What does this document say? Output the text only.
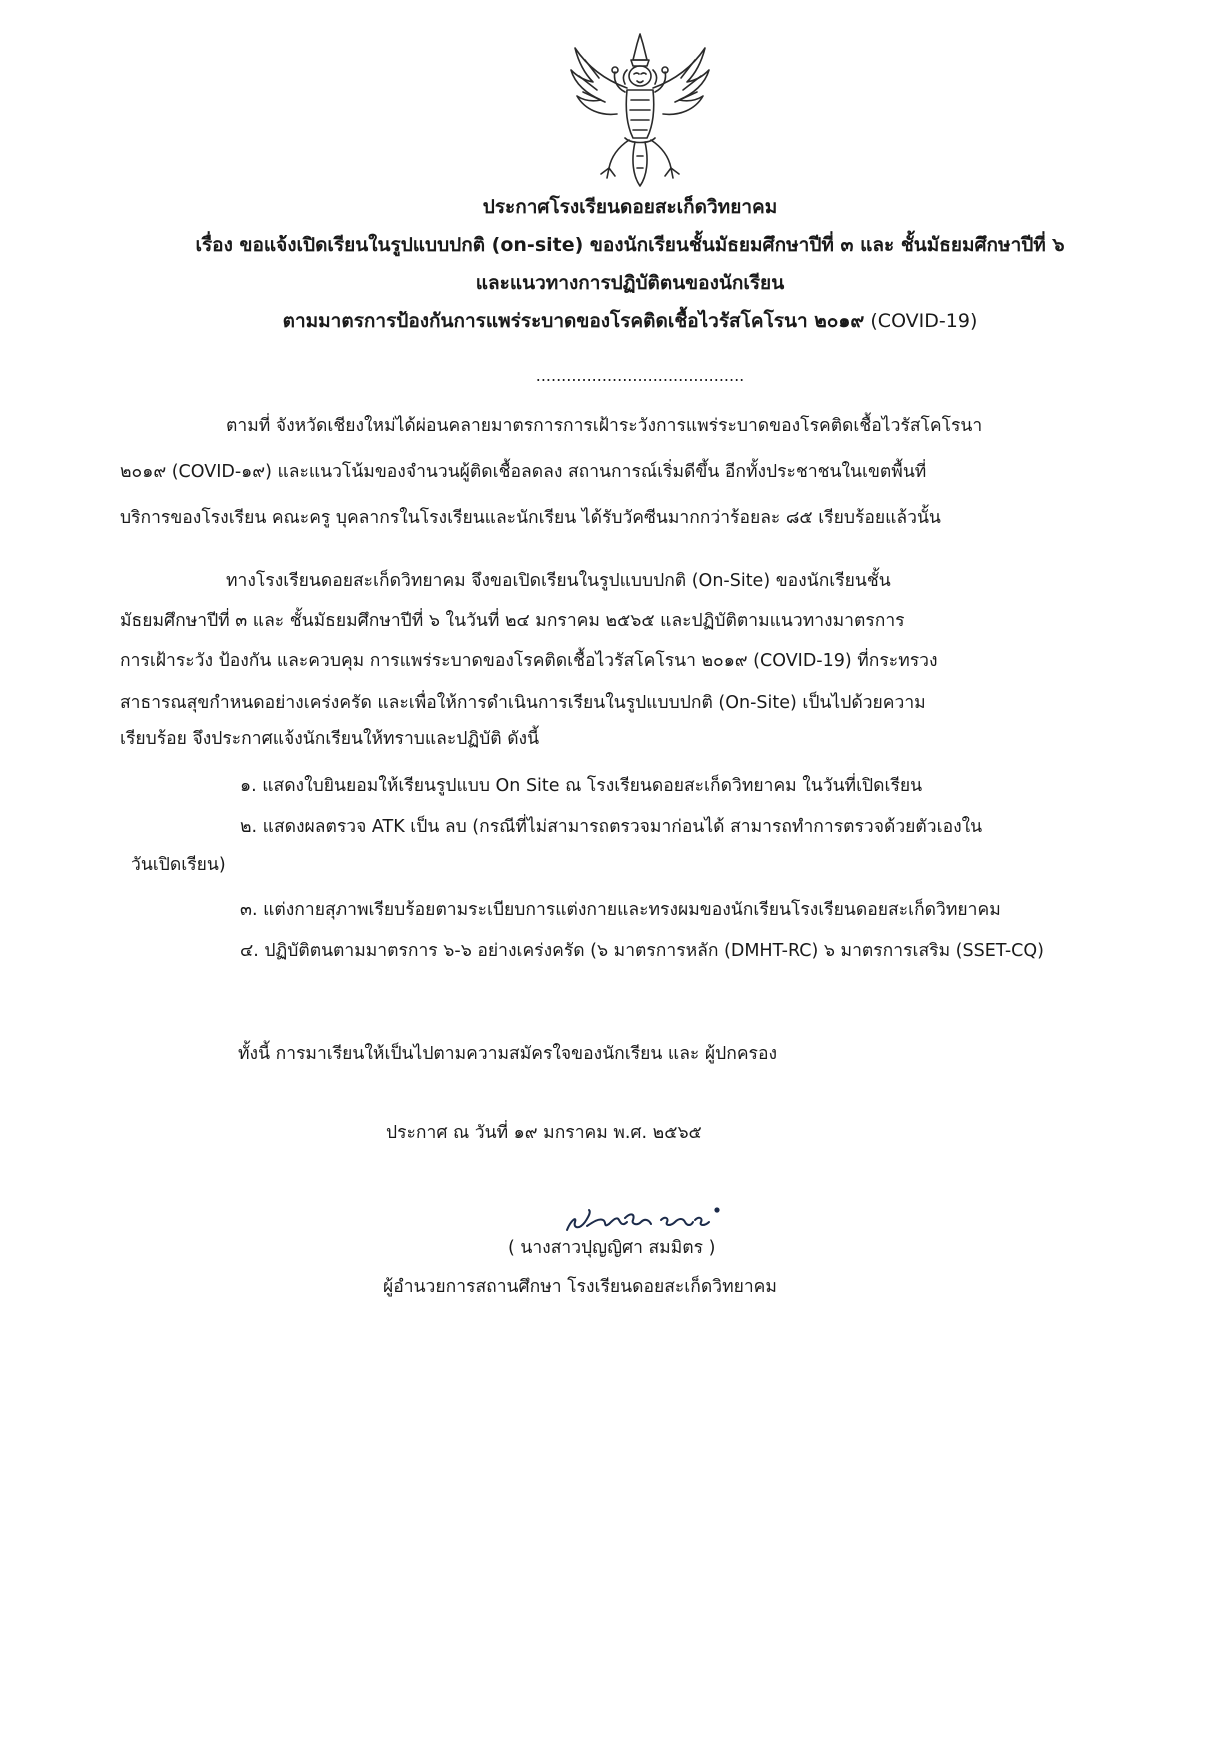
ประกาศโรงเรียนดอยสะเก็ดวิทยาคม
เรื่อง ขอแจ้งเปิดเรียนในรูปแบบปกติ (on-site) ของนักเรียนชั้นมัธยมศึกษาปีที่ ๓ และ ชั้นมัธยมศึกษาปีที่ ๖
และแนวทางการปฏิบัติตนของนักเรียน
ตามมาตรการป้องกันการแพร่ระบาดของโรคติดเชื้อไวรัสโคโรนา ๒๐๑๙ (COVID-19)
.........................................

ตามที่ จังหวัดเชียงใหม่ได้ผ่อนคลายมาตรการการเฝ้าระวังการแพร่ระบาดของโรคติดเชื้อไวรัสโคโรนา

๒๐๑๙ (COVID-๑๙) และแนวโน้มของจำนวนผู้ติดเชื้อลดลง สถานการณ์เริ่มดีขึ้น อีกทั้งประชาชนในเขตพื้นที่

บริการของโรงเรียน คณะครู บุคลากรในโรงเรียนและนักเรียน ได้รับวัคซีนมากกว่าร้อยละ ๘๕ เรียบร้อยแล้วนั้น

ทางโรงเรียนดอยสะเก็ดวิทยาคม จึงขอเปิดเรียนในรูปแบบปกติ (On-Site) ของนักเรียนชั้น

มัธยมศึกษาปีที่ ๓ และ ชั้นมัธยมศึกษาปีที่ ๖ ในวันที่ ๒๔ มกราคม ๒๕๖๕ และปฏิบัติตามแนวทางมาตรการ

การเฝ้าระวัง ป้องกัน และควบคุม การแพร่ระบาดของโรคติดเชื้อไวรัสโคโรนา ๒๐๑๙ (COVID-19) ที่กระทรวง

สาธารณสุขกำหนดอย่างเคร่งครัด และเพื่อให้การดำเนินการเรียนในรูปแบบปกติ (On-Site) เป็นไปด้วยความ

เรียบร้อย จึงประกาศแจ้งนักเรียนให้ทราบและปฏิบัติ ดังนี้

๑. แสดงใบยินยอมให้เรียนรูปแบบ On Site ณ โรงเรียนดอยสะเก็ดวิทยาคม ในวันที่เปิดเรียน
๒. แสดงผลตรวจ ATK เป็น ลบ (กรณีที่ไม่สามารถตรวจมาก่อนได้ สามารถทำการตรวจด้วยตัวเองใน
วันเปิดเรียน)
๓. แต่งกายสุภาพเรียบร้อยตามระเบียบการแต่งกายและทรงผมของนักเรียนโรงเรียนดอยสะเก็ดวิทยาคม
๔. ปฏิบัติตนตามมาตรการ ๖-๖ อย่างเคร่งครัด (๖ มาตรการหลัก (DMHT-RC) ๖ มาตรการเสริม (SSET-CQ)
ทั้งนี้ การมาเรียนให้เป็นไปตามความสมัครใจของนักเรียน และ ผู้ปกครอง
ประกาศ ณ วันที่ ๑๙ มกราคม พ.ศ. ๒๕๖๕
( นางสาวปุญญิศา สมมิตร )
ผู้อำนวยการสถานศึกษา โรงเรียนดอยสะเก็ดวิทยาคม
